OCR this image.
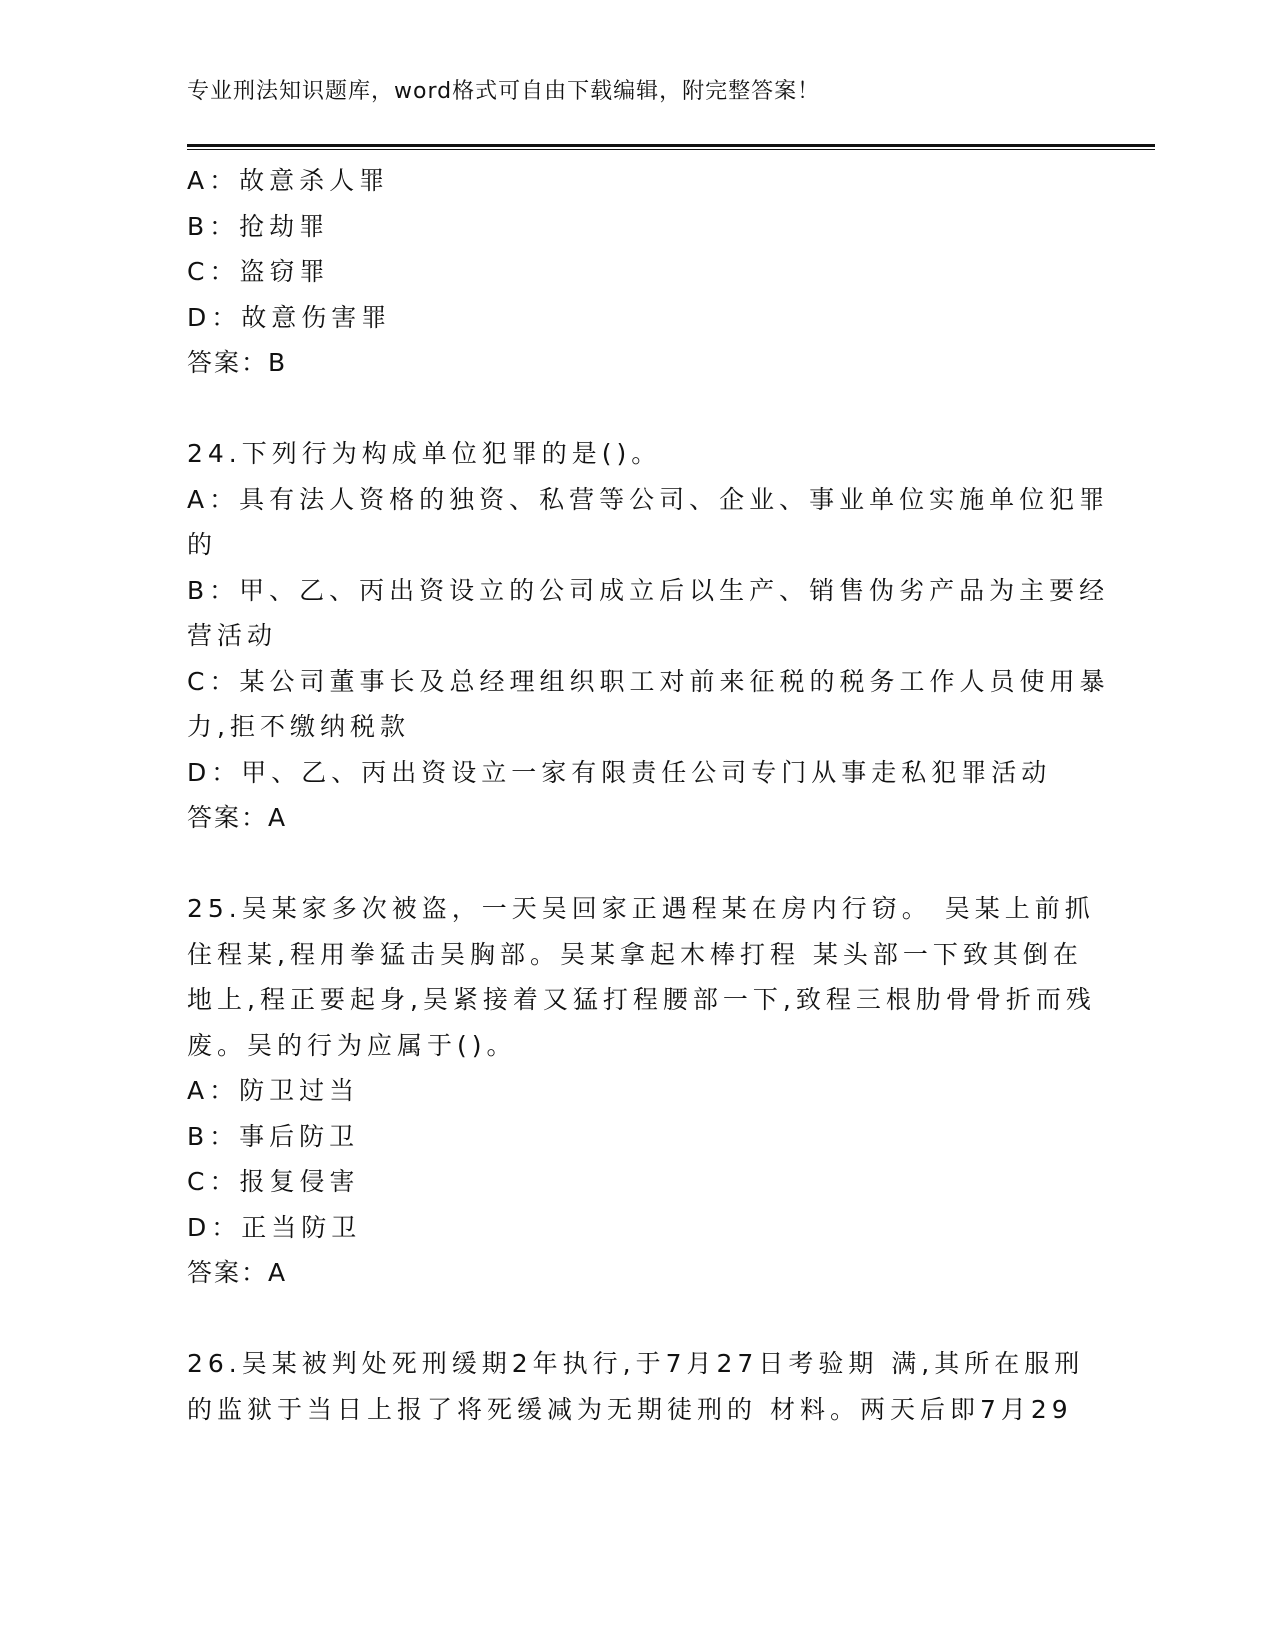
专业刑法知识题库，word格式可自由下载编辑，附完整答案！
A：故意杀人罪
B：抢劫罪
C：盗窃罪
D：故意伤害罪
答案：B
24.下列行为构成单位犯罪的是()。
A：具有法人资格的独资、私营等公司、企业、事业单位实施单位犯罪
的
B：甲、乙、丙出资设立的公司成立后以生产、销售伪劣产品为主要经
营活动
C：某公司董事长及总经理组织职工对前来征税的税务工作人员使用暴
力,拒不缴纳税款
D：甲、乙、丙出资设立一家有限责任公司专门从事走私犯罪活动
答案：A
25.吴某家多次被盗，一天吴回家正遇程某在房内行窃。 吴某上前抓
住程某,程用拳猛击吴胸部。吴某拿起木棒打程 某头部一下致其倒在
地上,程正要起身,吴紧接着又猛打程腰部一下,致程三根肋骨骨折而残
废。吴的行为应属于()。
A：防卫过当
B：事后防卫
C：报复侵害
D：正当防卫
答案：A
26.吴某被判处死刑缓期2年执行,于7月27日考验期 满,其所在服刑
的监狱于当日上报了将死缓减为无期徒刑的 材料。两天后即7月29
